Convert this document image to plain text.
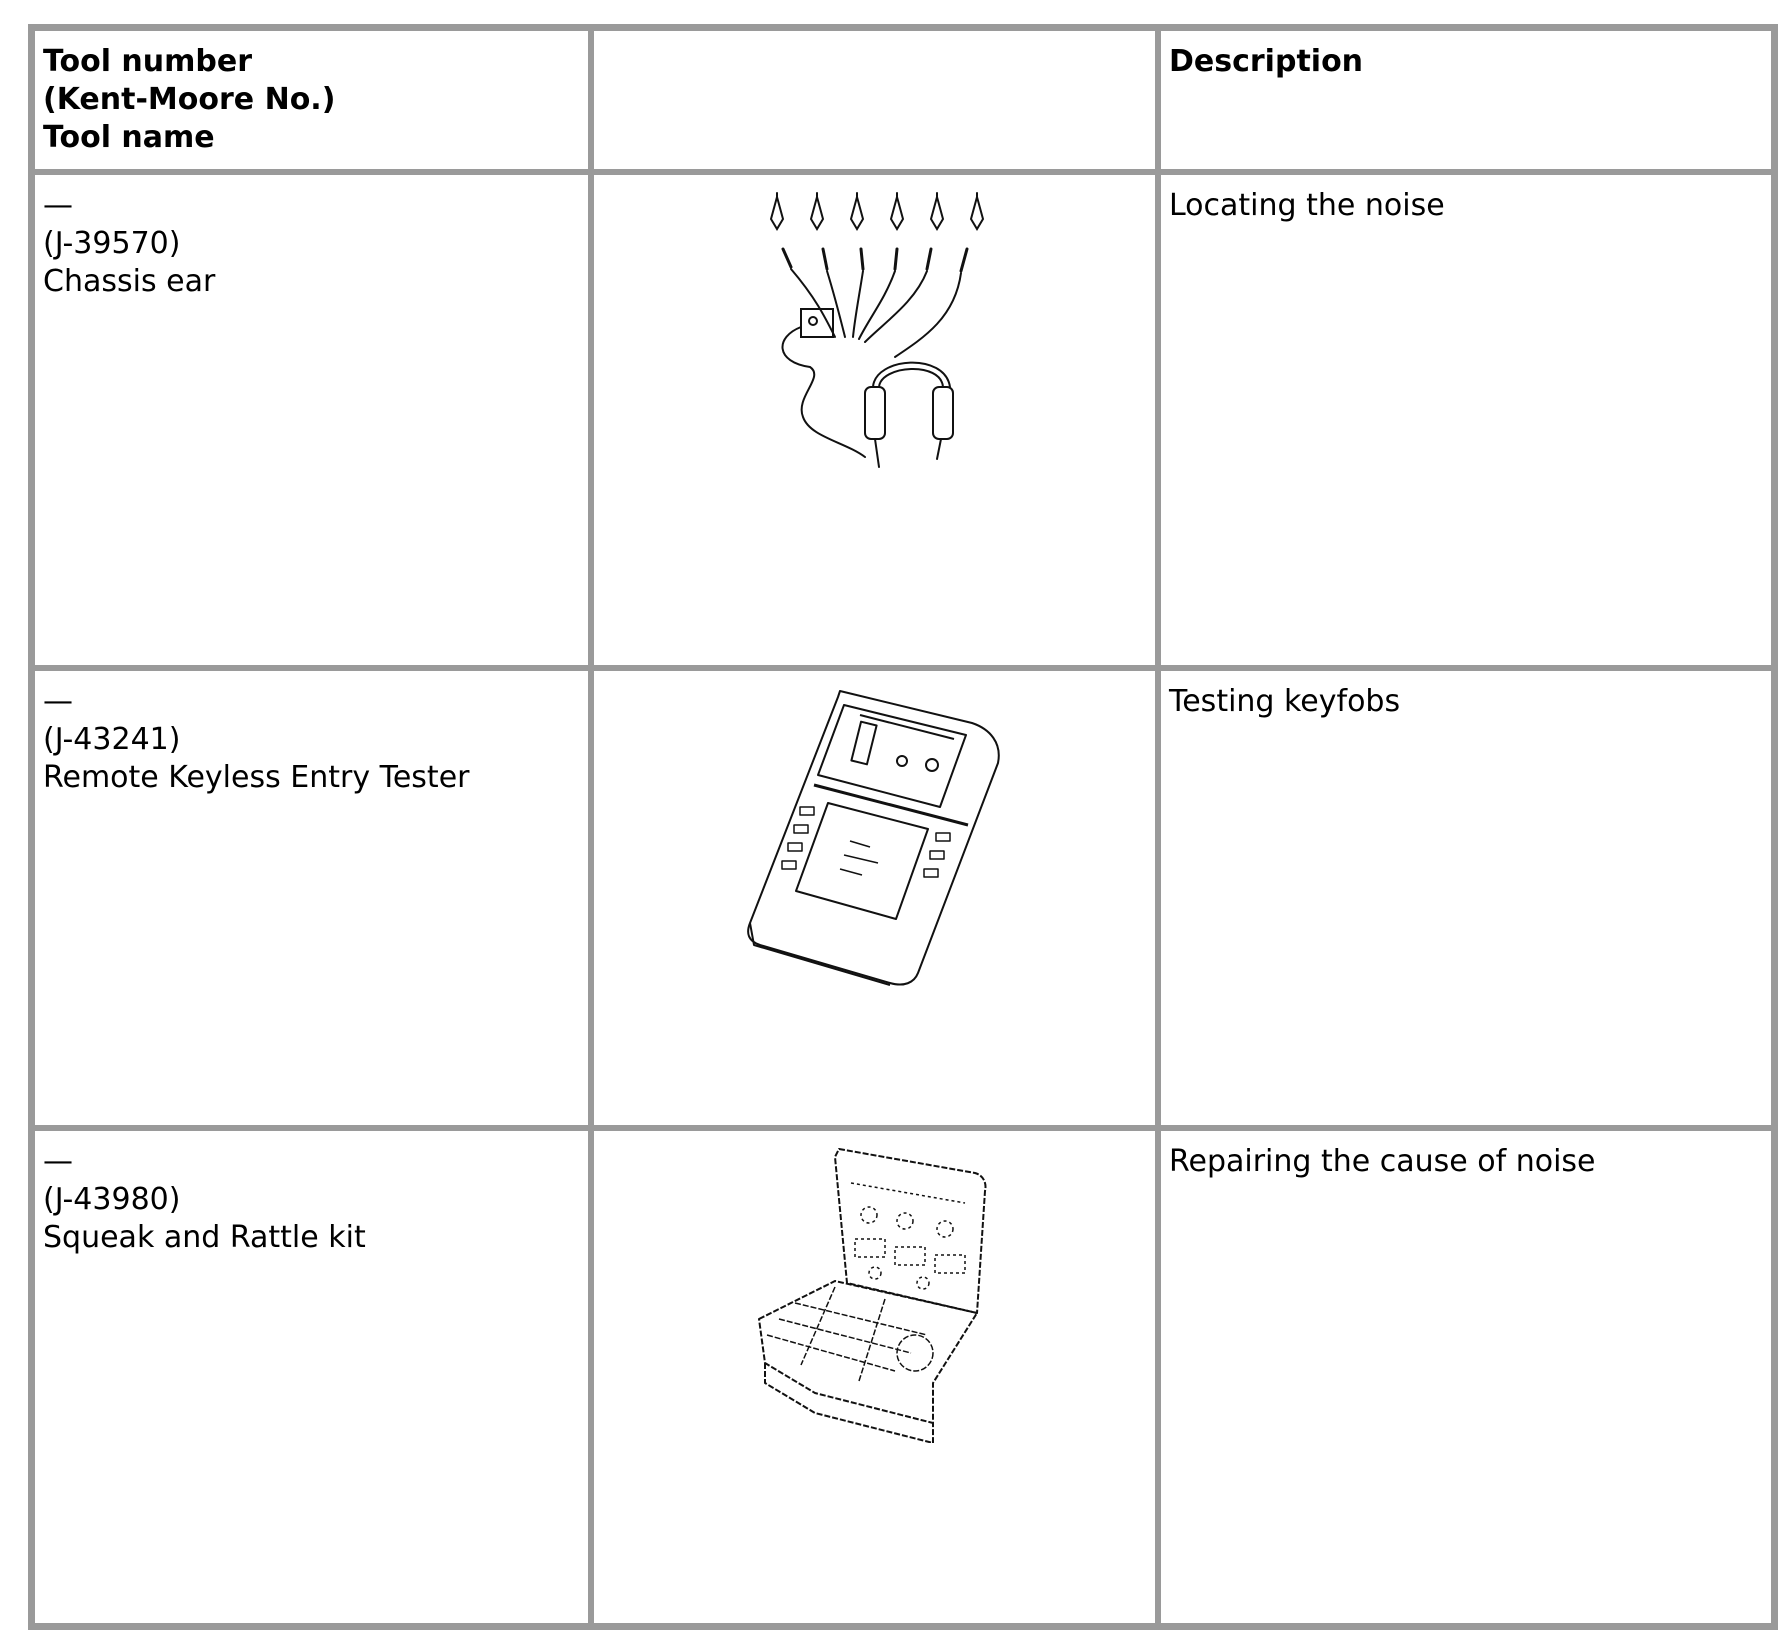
Tool number
(Kent-Moore No.)
Tool name		Description

—
(J-39570)
Chassis ear		Locating the noise

—
(J-43241)
Remote Keyless Entry Tester		Testing keyfobs

—
(J-43980)
Squeak and Rattle kit		Repairing the cause of noise
